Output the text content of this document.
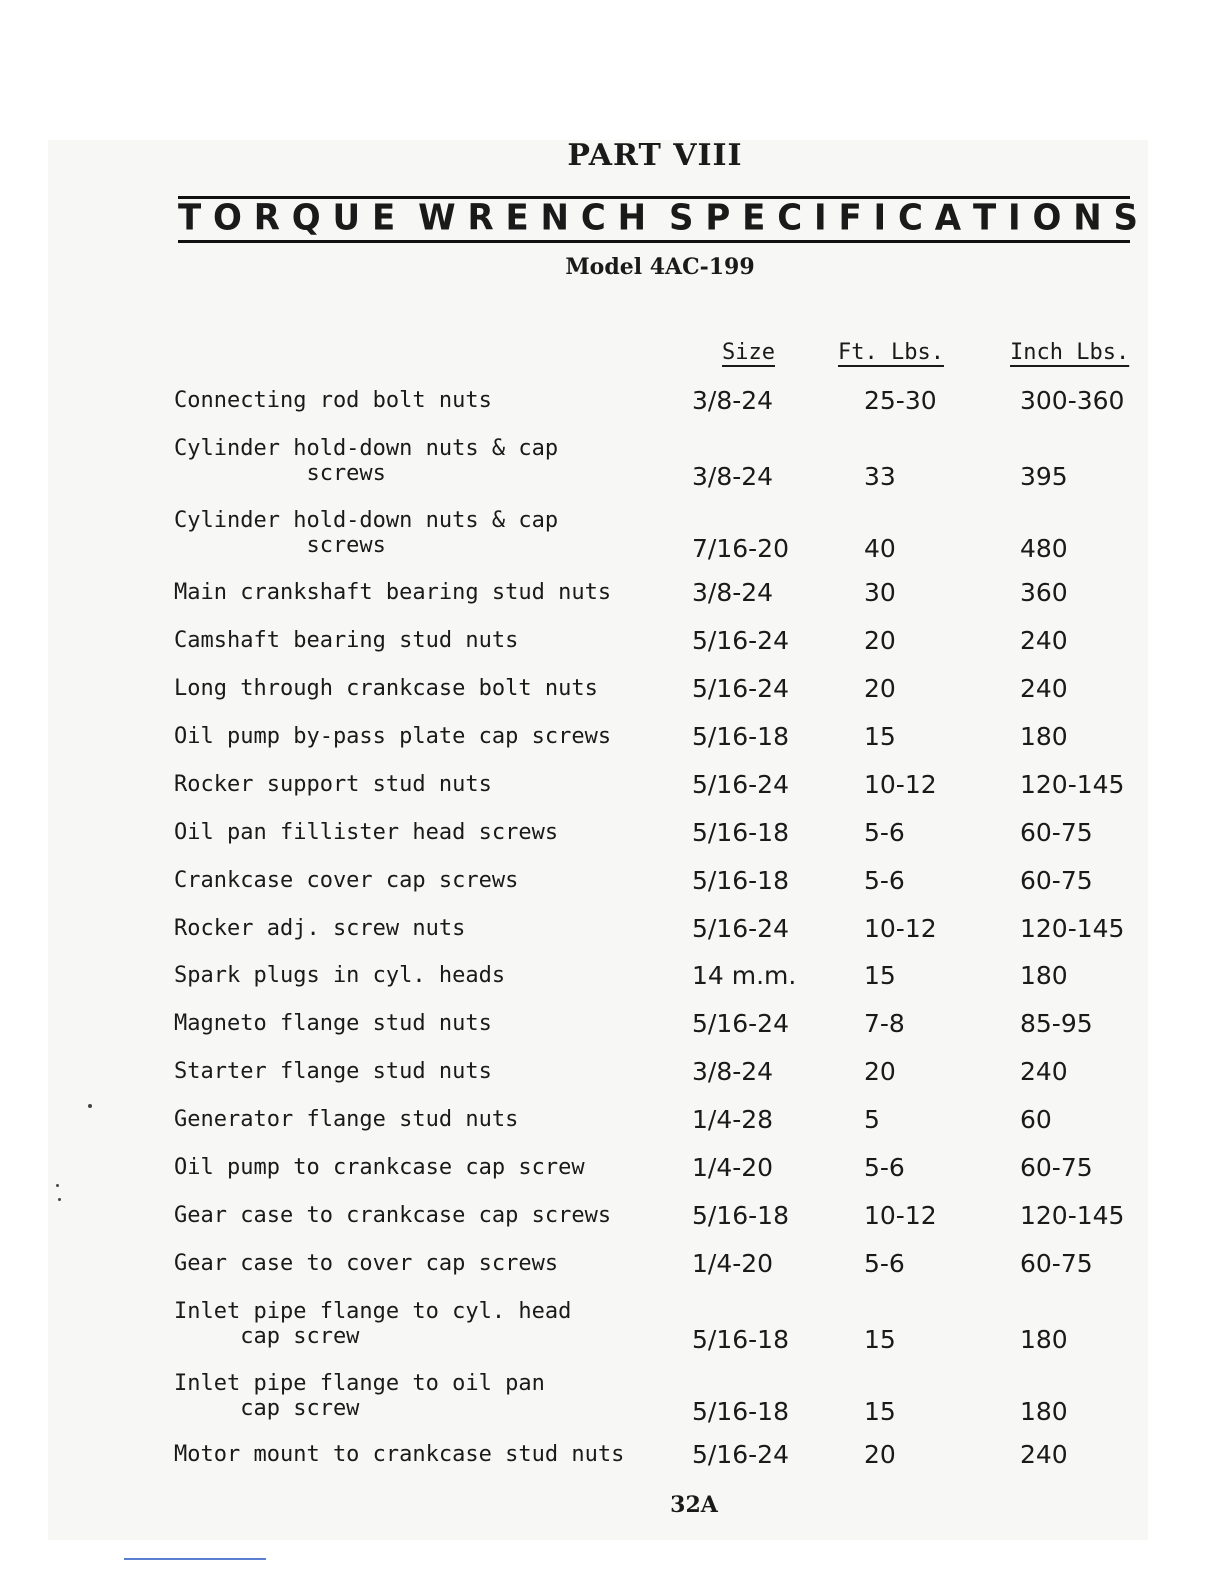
PART VIII
T O R Q U E W R E N C H S P E C I F I C A T I O N S
Model 4AC-199
Size	Ft. Lbs.	Inch Lbs.
Connecting rod bolt nuts	3/8-24	25-30	300-360
Cylinder hold-down nuts & cap
screws	3/8-24	33	395
Cylinder hold-down nuts & cap
screws	7/16-20	40	480
Main crankshaft bearing stud nuts	3/8-24	30	360
Camshaft bearing stud nuts	5/16-24	20	240
Long through crankcase bolt nuts	5/16-24	20	240
Oil pump by-pass plate cap screws	5/16-18	15	180
Rocker support stud nuts	5/16-24	10-12	120-145
Oil pan fillister head screws	5/16-18	5-6	60-75
Crankcase cover cap screws	5/16-18	5-6	60-75
Rocker adj. screw nuts	5/16-24	10-12	120-145
Spark plugs in cyl. heads	14 m.m.	15	180
Magneto flange stud nuts	5/16-24	7-8	85-95
Starter flange stud nuts	3/8-24	20	240
Generator flange stud nuts	1/4-28	5	60
Oil pump to crankcase cap screw	1/4-20	5-6	60-75
Gear case to crankcase cap screws	5/16-18	10-12	120-145
Gear case to cover cap screws	1/4-20	5-6	60-75
Inlet pipe flange to cyl. head
cap screw	5/16-18	15	180
Inlet pipe flange to oil pan
cap screw	5/16-18	15	180
Motor mount to crankcase stud nuts	5/16-24	20	240
32A
